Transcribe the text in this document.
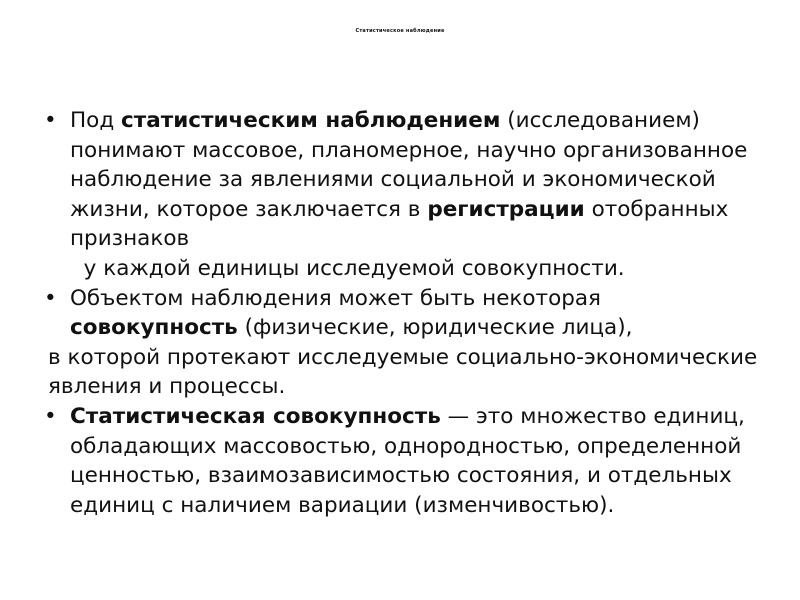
Статистическое наблюдение

• Под статистическим наблюдением (исследованием) понимают массовое, планомерное, научно организованное наблюдение за явлениями социальной и экономической жизни, которое заключается в регистрации отобранных признаков
у каждой единицы исследуемой совокупности.

• Объектом наблюдения может быть некоторая
совокупность (физические, юридические лица),

в которой протекают исследуемые социально-экономические явления и процессы.

• Статистическая совокупность — это множество единиц, обладающих массовостью, однородностью, определенной ценностью, взаимозависимостью состояния, и отдельных единиц с наличием вариации (изменчивостью).
